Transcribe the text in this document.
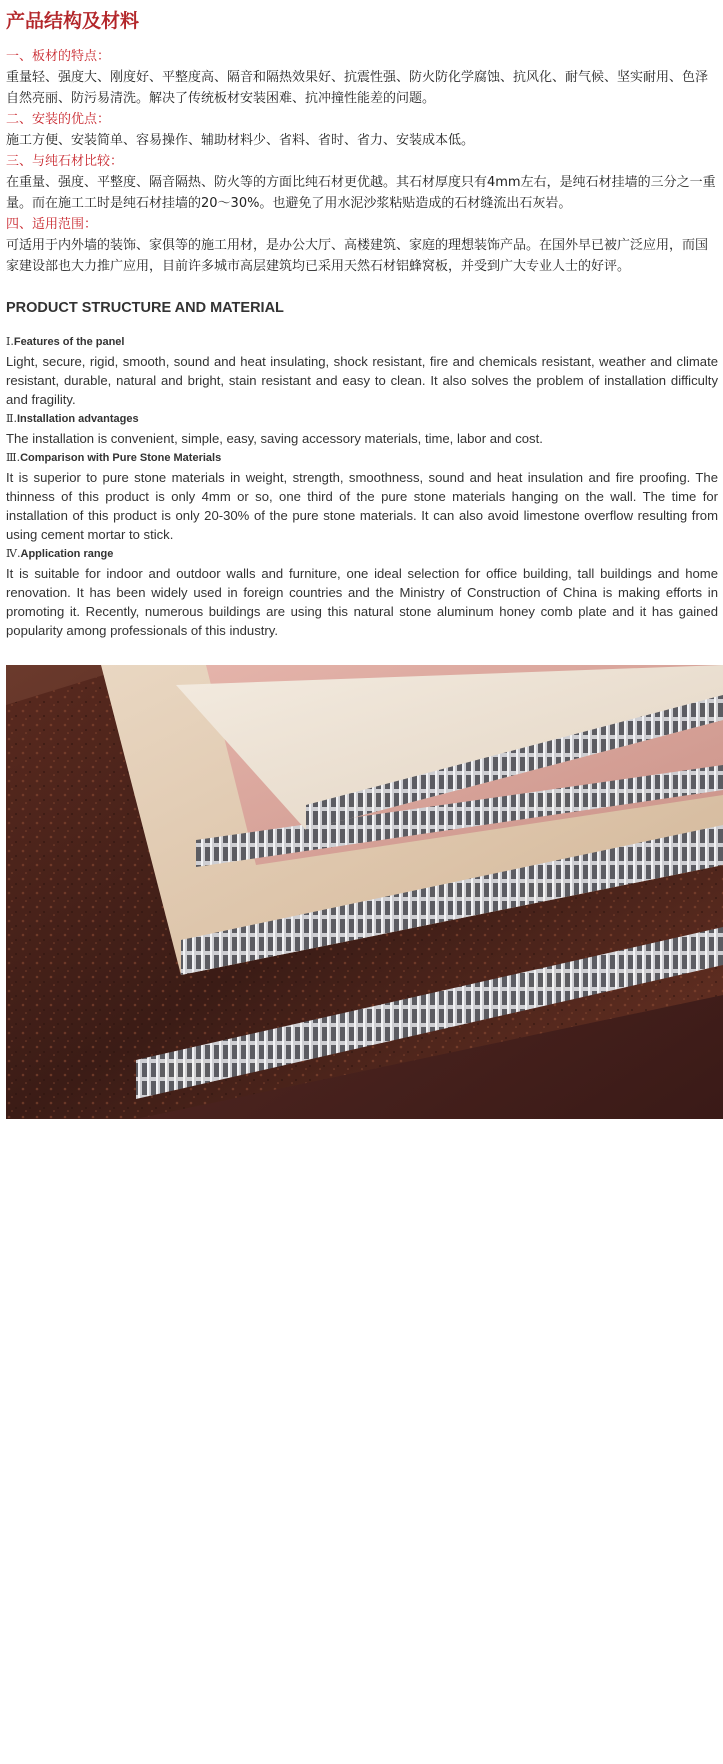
产品结构及材料

一、板材的特点：

重量轻、强度大、刚度好、平整度高、隔音和隔热效果好、抗震性强、防火防化学腐蚀、抗风化、耐气候、坚实耐用、色泽自然亮丽、防污易清洗。解决了传统板材安装困难、抗冲撞性能差的问题。

二、安装的优点：

施工方便、安装简单、容易操作、辅助材料少、省料、省时、省力、安装成本低。

三、与纯石材比较：

在重量、强度、平整度、隔音隔热、防火等的方面比纯石材更优越。其石材厚度只有4mm左右，是纯石材挂墙的三分之一重量。而在施工工时是纯石材挂墙的20～30%。也避免了用水泥沙浆粘贴造成的石材缝流出石灰岩。

四、适用范围：

可适用于内外墙的装饰、家俱等的施工用材，是办公大厅、高楼建筑、家庭的理想装饰产品。在国外早已被广泛应用，而国家建设部也大力推广应用，目前许多城市高层建筑均已采用天然石材铝蜂窝板，并受到广大专业人士的好评。

PRODUCT STRUCTURE AND MATERIAL
Ⅰ.Features of the panel
Light, secure, rigid, smooth, sound and heat insulating, shock resistant, fire and chemicals resistant, weather and climate resistant, durable, natural and bright, stain resistant and easy to clean. It also solves the problem of installation difficulty and fragility.
Ⅱ.Installation advantages
The installation is convenient, simple, easy, saving accessory materials, time, labor and cost.
Ⅲ.Comparison with Pure Stone Materials
It is superior to pure stone materials in weight, strength, smoothness, sound and heat insulation and fire proofing. The thinness of this product is only 4mm or so, one third of the pure stone materials hanging on the wall. The time for installation of this product is only 20-30% of the pure stone materials. It can also avoid limestone overflow resulting from using cement mortar to stick.
Ⅳ.Application range
It is suitable for indoor and outdoor walls and furniture, one ideal selection for office building, tall buildings and home renovation. It has been widely used in foreign countries and the Ministry of Construction of China is making efforts in promoting it. Recently, numerous buildings are using this natural stone aluminum honey comb plate and it has gained popularity among professionals of this industry.
金霸泰
jinbatai
